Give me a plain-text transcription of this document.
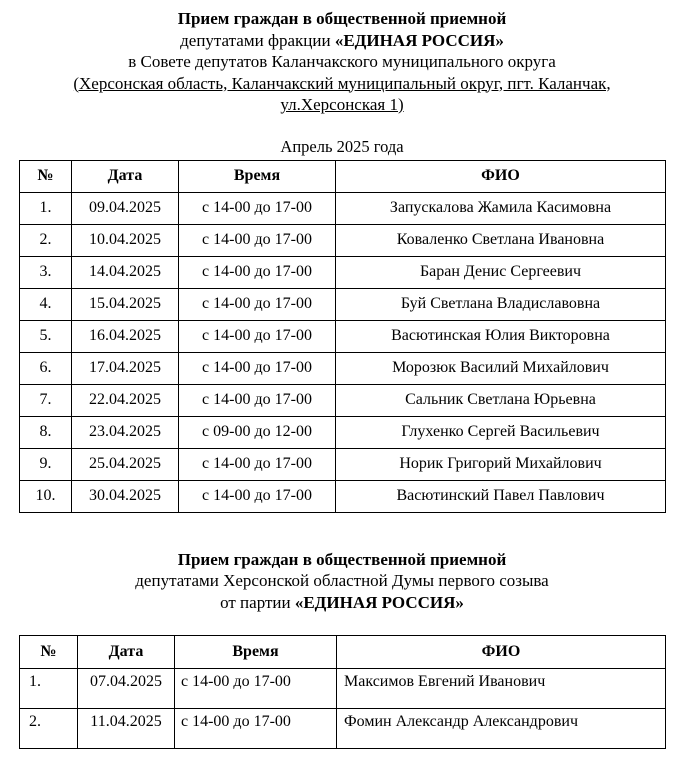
Прием граждан в общественной приемной
депутатами фракции «ЕДИНАЯ РОССИЯ»
в Совете депутатов Каланчакского муниципального округа
(Херсонская область, Каланчакский муниципальный округ, пгт. Каланчак,
ул.Херсонская 1)
Апрель 2025 года
№	Дата	Время	ФИО
1.	09.04.2025	с 14-00 до 17-00	Запускалова Жамила Касимовна
2.	10.04.2025	с 14-00 до 17-00	Коваленко Светлана Ивановна
3.	14.04.2025	с 14-00 до 17-00	Баран Денис Сергеевич
4.	15.04.2025	с 14-00 до 17-00	Буй Светлана Владиславовна
5.	16.04.2025	с 14-00 до 17-00	Васютинская Юлия Викторовна
6.	17.04.2025	с 14-00 до 17-00	Морозюк Василий Михайлович
7.	22.04.2025	с 14-00 до 17-00	Сальник Светлана Юрьевна
8.	23.04.2025	с 09-00 до 12-00	Глухенко Сергей Васильевич
9.	25.04.2025	с 14-00 до 17-00	Норик Григорий Михайлович
10.	30.04.2025	с 14-00 до 17-00	Васютинский Павел Павлович
Прием граждан в общественной приемной
депутатами Херсонской областной Думы первого созыва
от партии «ЕДИНАЯ РОССИЯ»
№	Дата	Время	ФИО
1.	07.04.2025	с 14-00 до 17-00	Максимов Евгений Иванович
2.	11.04.2025	с 14-00 до 17-00	Фомин Александр Александрович
